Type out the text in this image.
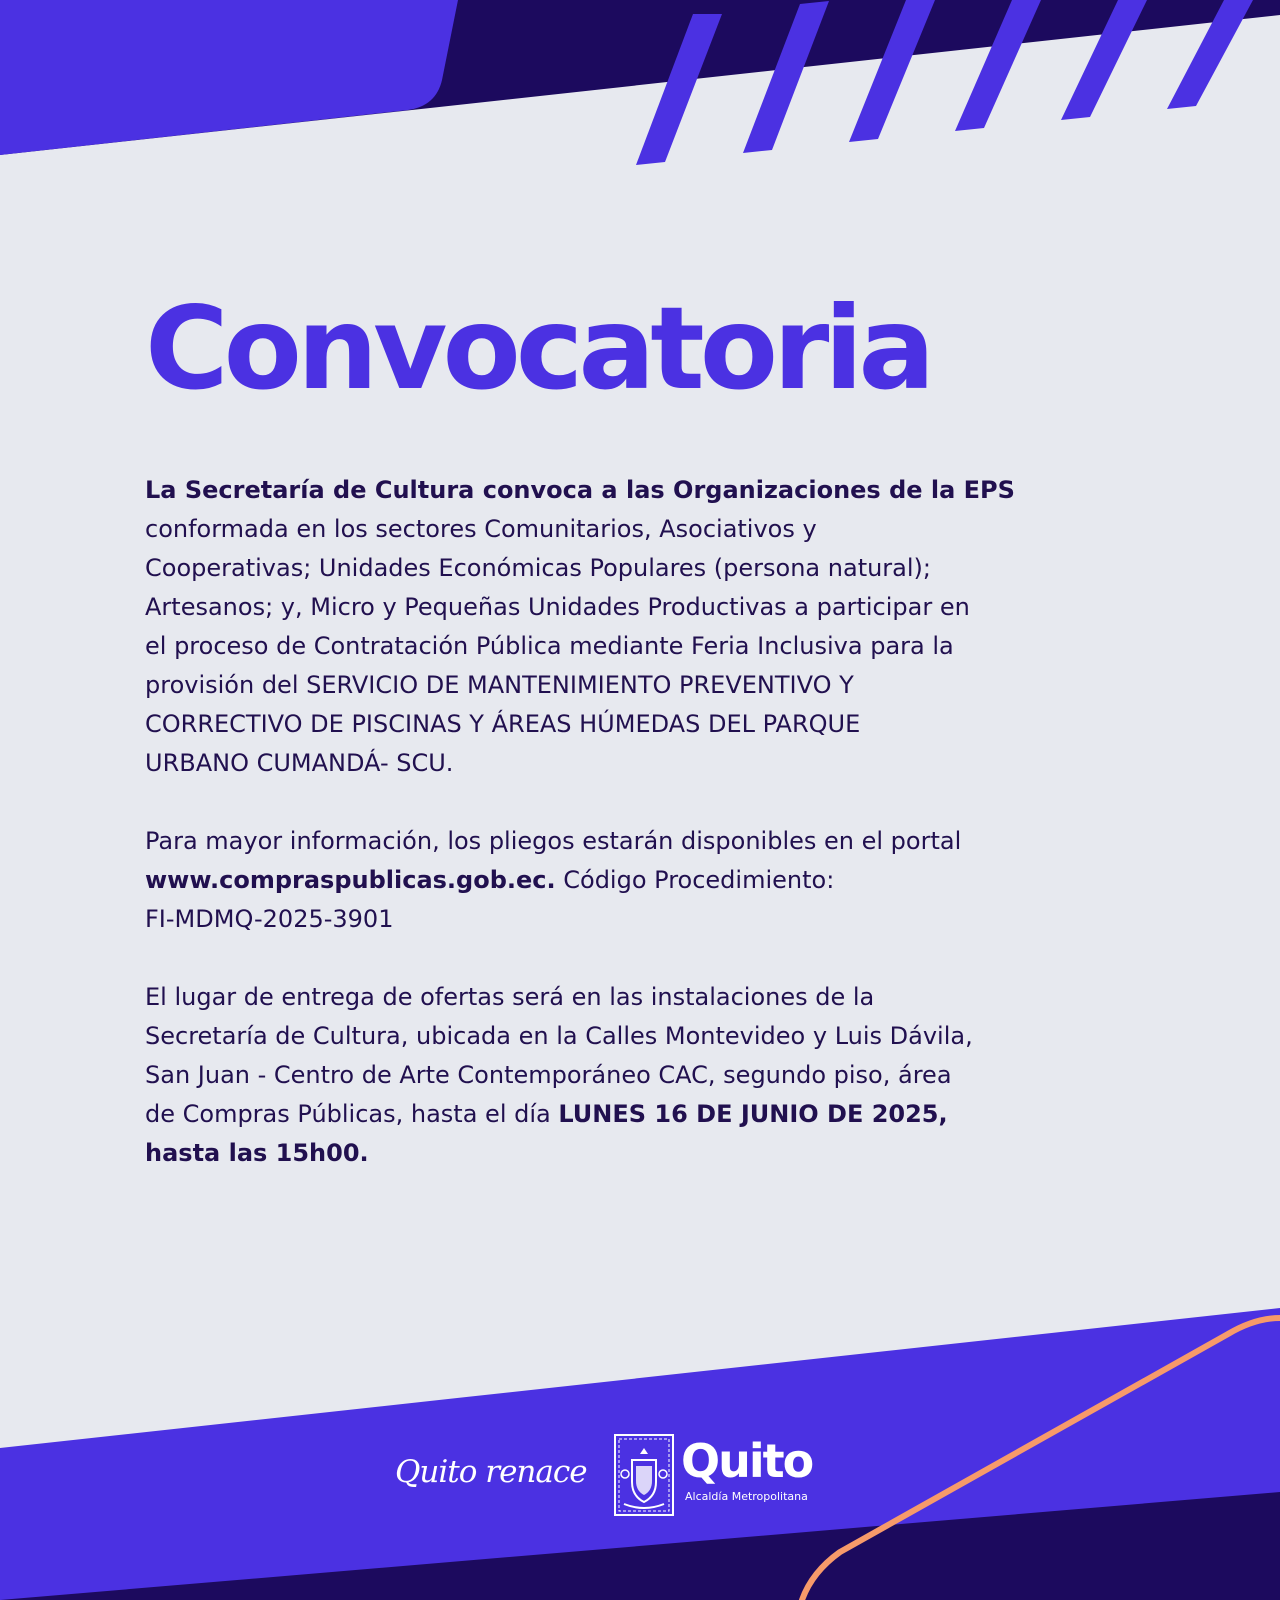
Convocatoria

La Secretaría de Cultura convoca a las Organizaciones de la EPS
conformada en los sectores Comunitarios, Asociativos y
Cooperativas; Unidades Económicas Populares (persona natural);
Artesanos; y, Micro y Pequeñas Unidades Productivas a participar en
el proceso de Contratación Pública mediante Feria Inclusiva para la
provisión del SERVICIO DE MANTENIMIENTO PREVENTIVO Y
CORRECTIVO DE PISCINAS Y ÁREAS HÚMEDAS DEL PARQUE
URBANO CUMANDÁ- SCU.

Para mayor información, los pliegos estarán disponibles en el portal
www.compraspublicas.gob.ec. Código Procedimiento:
FI-MDMQ-2025-3901

El lugar de entrega de ofertas será en las instalaciones de la
Secretaría de Cultura, ubicada en la Calles Montevideo y Luis Dávila,
San Juan - Centro de Arte Contemporáneo CAC, segundo piso, área
de Compras Públicas, hasta el día LUNES 16 DE JUNIO DE 2025,
hasta las 15h00.

Quito renace Quito
Alcaldía Metropolitana
